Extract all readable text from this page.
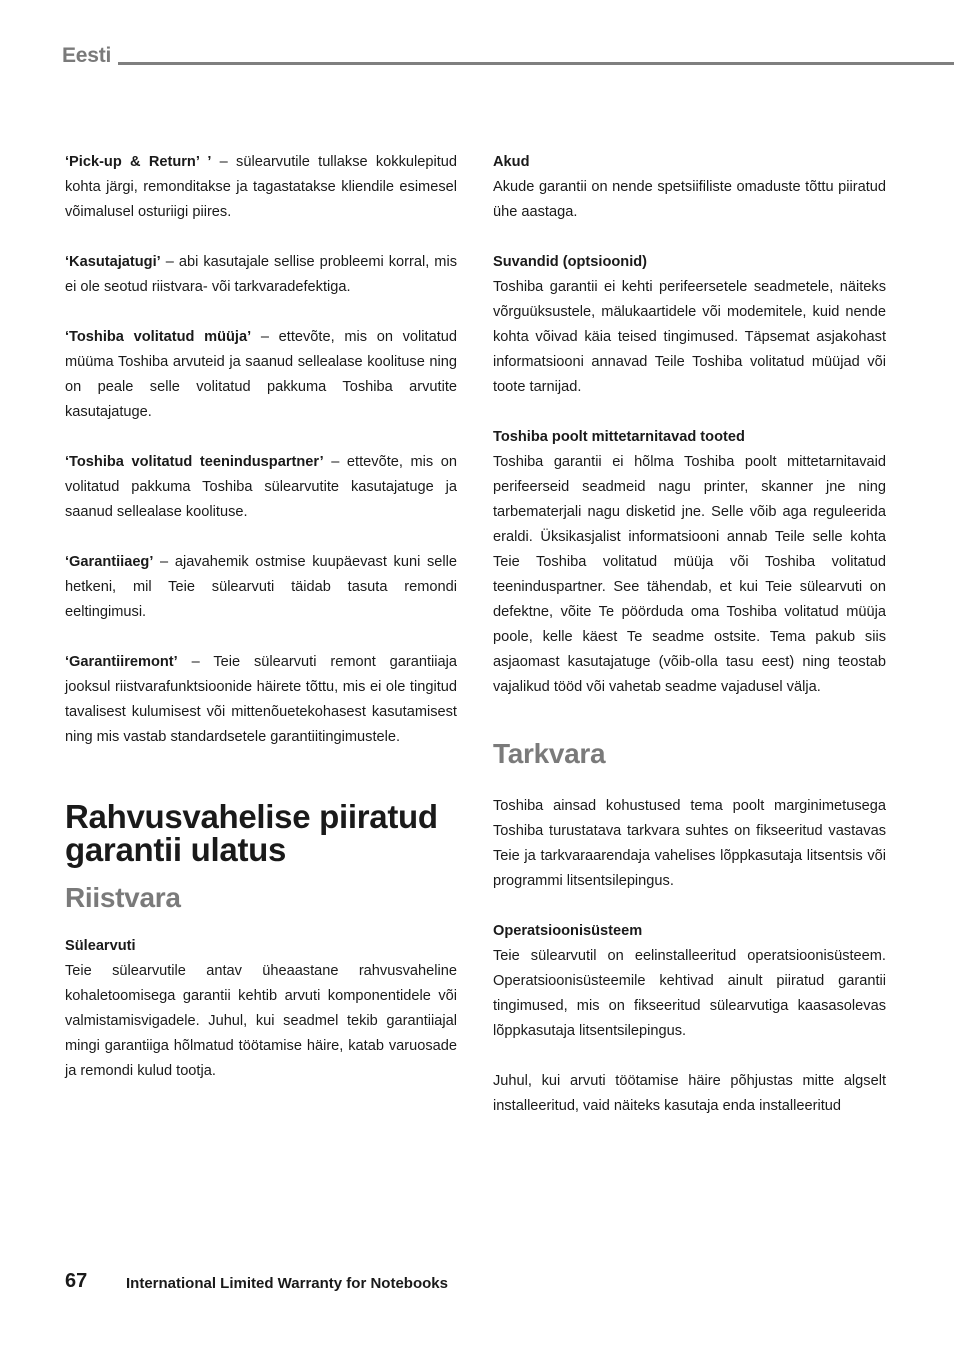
Eesti

‘Pick-up & Return’ ’ – sülearvutile tullakse kokkulepitud kohta järgi, remonditakse ja tagastatakse kliendile esimesel võimalusel osturiigi piires.

‘Kasutajatugi’ – abi kasutajale sellise probleemi korral, mis ei ole seotud riistvara- või tarkvaradefektiga.

‘Toshiba volitatud müüja’ – ettevõte, mis on volitatud müüma Toshiba arvuteid ja saanud sellealase koolituse ning on peale selle volitatud pakkuma Toshiba arvutite kasutajatuge.

‘Toshiba volitatud teeninduspartner’ – ettevõte, mis on volitatud pakkuma Toshiba sülearvutite kasutajatuge ja saanud sellealase koolituse.

‘Garantiiaeg’ – ajavahemik ostmise kuupäevast kuni selle hetkeni, mil Teie sülearvuti täidab tasuta remondi eeltingimusi.

‘Garantiiremont’ – Teie sülearvuti remont garantiiaja jooksul riistvarafunktsioonide häirete tõttu, mis ei ole tingitud tavalisest kulumisest või mittenõuetekohasest kasutamisest ning mis vastab standardsetele garantiitingimustele.

Rahvusvahelise piiratud garantii ulatus
Riistvara

Sülearvuti
Teie sülearvutile antav üheaastane rahvusvaheline kohaletoomisega garantii kehtib arvuti komponentidele või valmistamisvigadele. Juhul, kui seadmel tekib garantiiajal mingi garantiiga hõlmatud töötamise häire, katab varuosade ja remondi kulud tootja.

Akud
Akude garantii on nende spetsiifiliste omaduste tõttu piiratud ühe aastaga.

Suvandid (optsioonid)
Toshiba garantii ei kehti perifeersetele seadmetele, näiteks võrguüksustele, mälukaartidele või modemitele, kuid nende kohta võivad käia teised tingimused. Täpsemat asjakohast informatsiooni annavad Teile Toshiba volitatud müüjad või toote tarnijad.

Toshiba poolt mittetarnitavad tooted
Toshiba garantii ei hõlma Toshiba poolt mittetarnitavaid perifeerseid seadmeid nagu printer, skanner jne ning tarbematerjali nagu disketid jne. Selle võib aga reguleerida eraldi. Üksikasjalist informatsiooni annab Teile selle kohta Teie Toshiba volitatud müüja või Toshiba volitatud teeninduspartner. See tähendab, et kui Teie sülearvuti on defektne, võite Te pöörduda oma Toshiba volitatud müüja poole, kelle käest Te seadme ostsite. Tema pakub siis asjaomast kasutajatuge (võib-olla tasu eest) ning teostab vajalikud tööd või vahetab seadme vajadusel välja.

Tarkvara

Toshiba ainsad kohustused tema poolt marginimetusega Toshiba turustatava tarkvara suhtes on fikseeritud vastavas Teie ja tarkvaraarendaja vahelises lõppkasutaja litsentsis või programmi litsentsilepingus.

Operatsioonisüsteem
Teie sülearvutil on eelinstalleeritud operatsioonisüsteem. Operatsioonisüsteemile kehtivad ainult piiratud garantii tingimused, mis on fikseeritud sülearvutiga kaasasolevas lõppkasutaja litsentsilepingus.

Juhul, kui arvuti töötamise häire põhjustas mitte algselt installeeritud, vaid näiteks kasutaja enda installeeritud

67	International Limited Warranty for Notebooks
